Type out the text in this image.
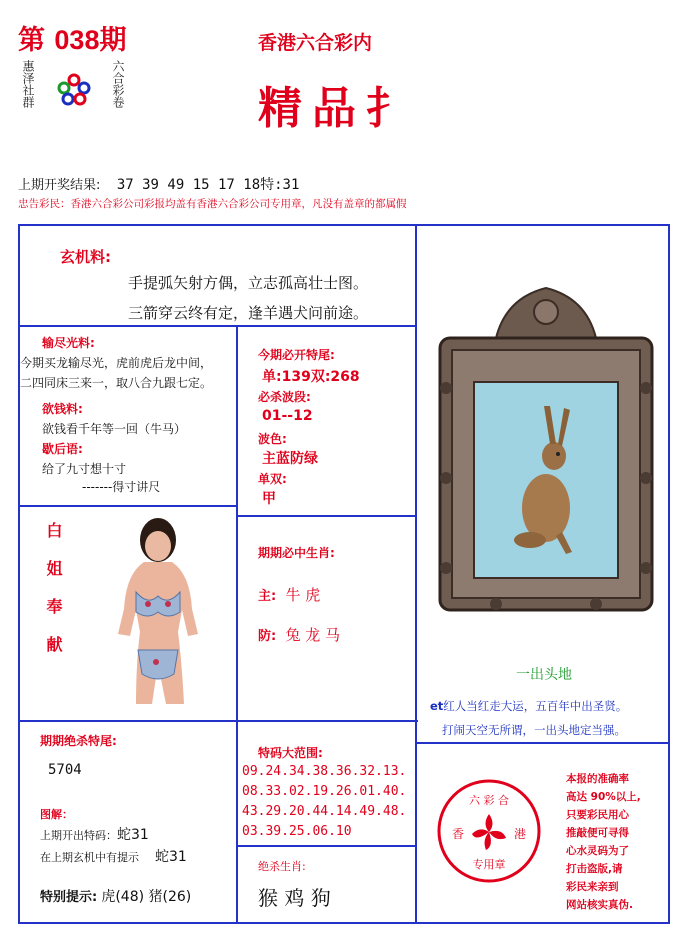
第 038期
惠泽社群	六合彩卷
香港六合彩内
精品扌
上期开奖结果: 37 39 49 15 17 18特:31
忠告彩民：香港六合彩公司彩报均盖有香港六合彩公司专用章，凡没有盖章的都属假
玄机料:
手提弧矢射方偶，立志孤高壮士图。
三箭穿云终有定，逢羊遇犬问前途。
输尽光料:
今期买龙输尽光，虎前虎后龙中间，
二四同床三来一，取八合九跟七定。
欲钱料:
欲钱看千年等一回（牛马）
歇后语:
给了九寸想十寸
-------得寸讲尺
今期必开特尾:
单:139双:268
必杀波段:
01--12
波色:
主蓝防绿
单双:
甲
白姐奉献	期期必中生肖:
主: 牛 虎
防: 兔 龙 马
一出头地
et红人当红走大运，五百年中出圣贤。
打闹天空无所谓，一出头地定当强。
期期绝杀特尾:
5704
图解：
上期开出特码：蛇31
在上期玄机中有提示 蛇31
特别提示: 虎(48) 猪(26)
特码大范围:
09.24.34.38.36.32.13.
08.33.02.19.26.01.40.
43.29.20.44.14.49.48.
03.39.25.06.10
绝杀生肖:
猴 鸡 狗
六 彩 合
香	港
专用章
本报的准确率
高达 90%以上,
只要彩民用心
推敲便可寻得
心水灵码为了
打击盗版,请
彩民来亲到
网站核实真伪.
